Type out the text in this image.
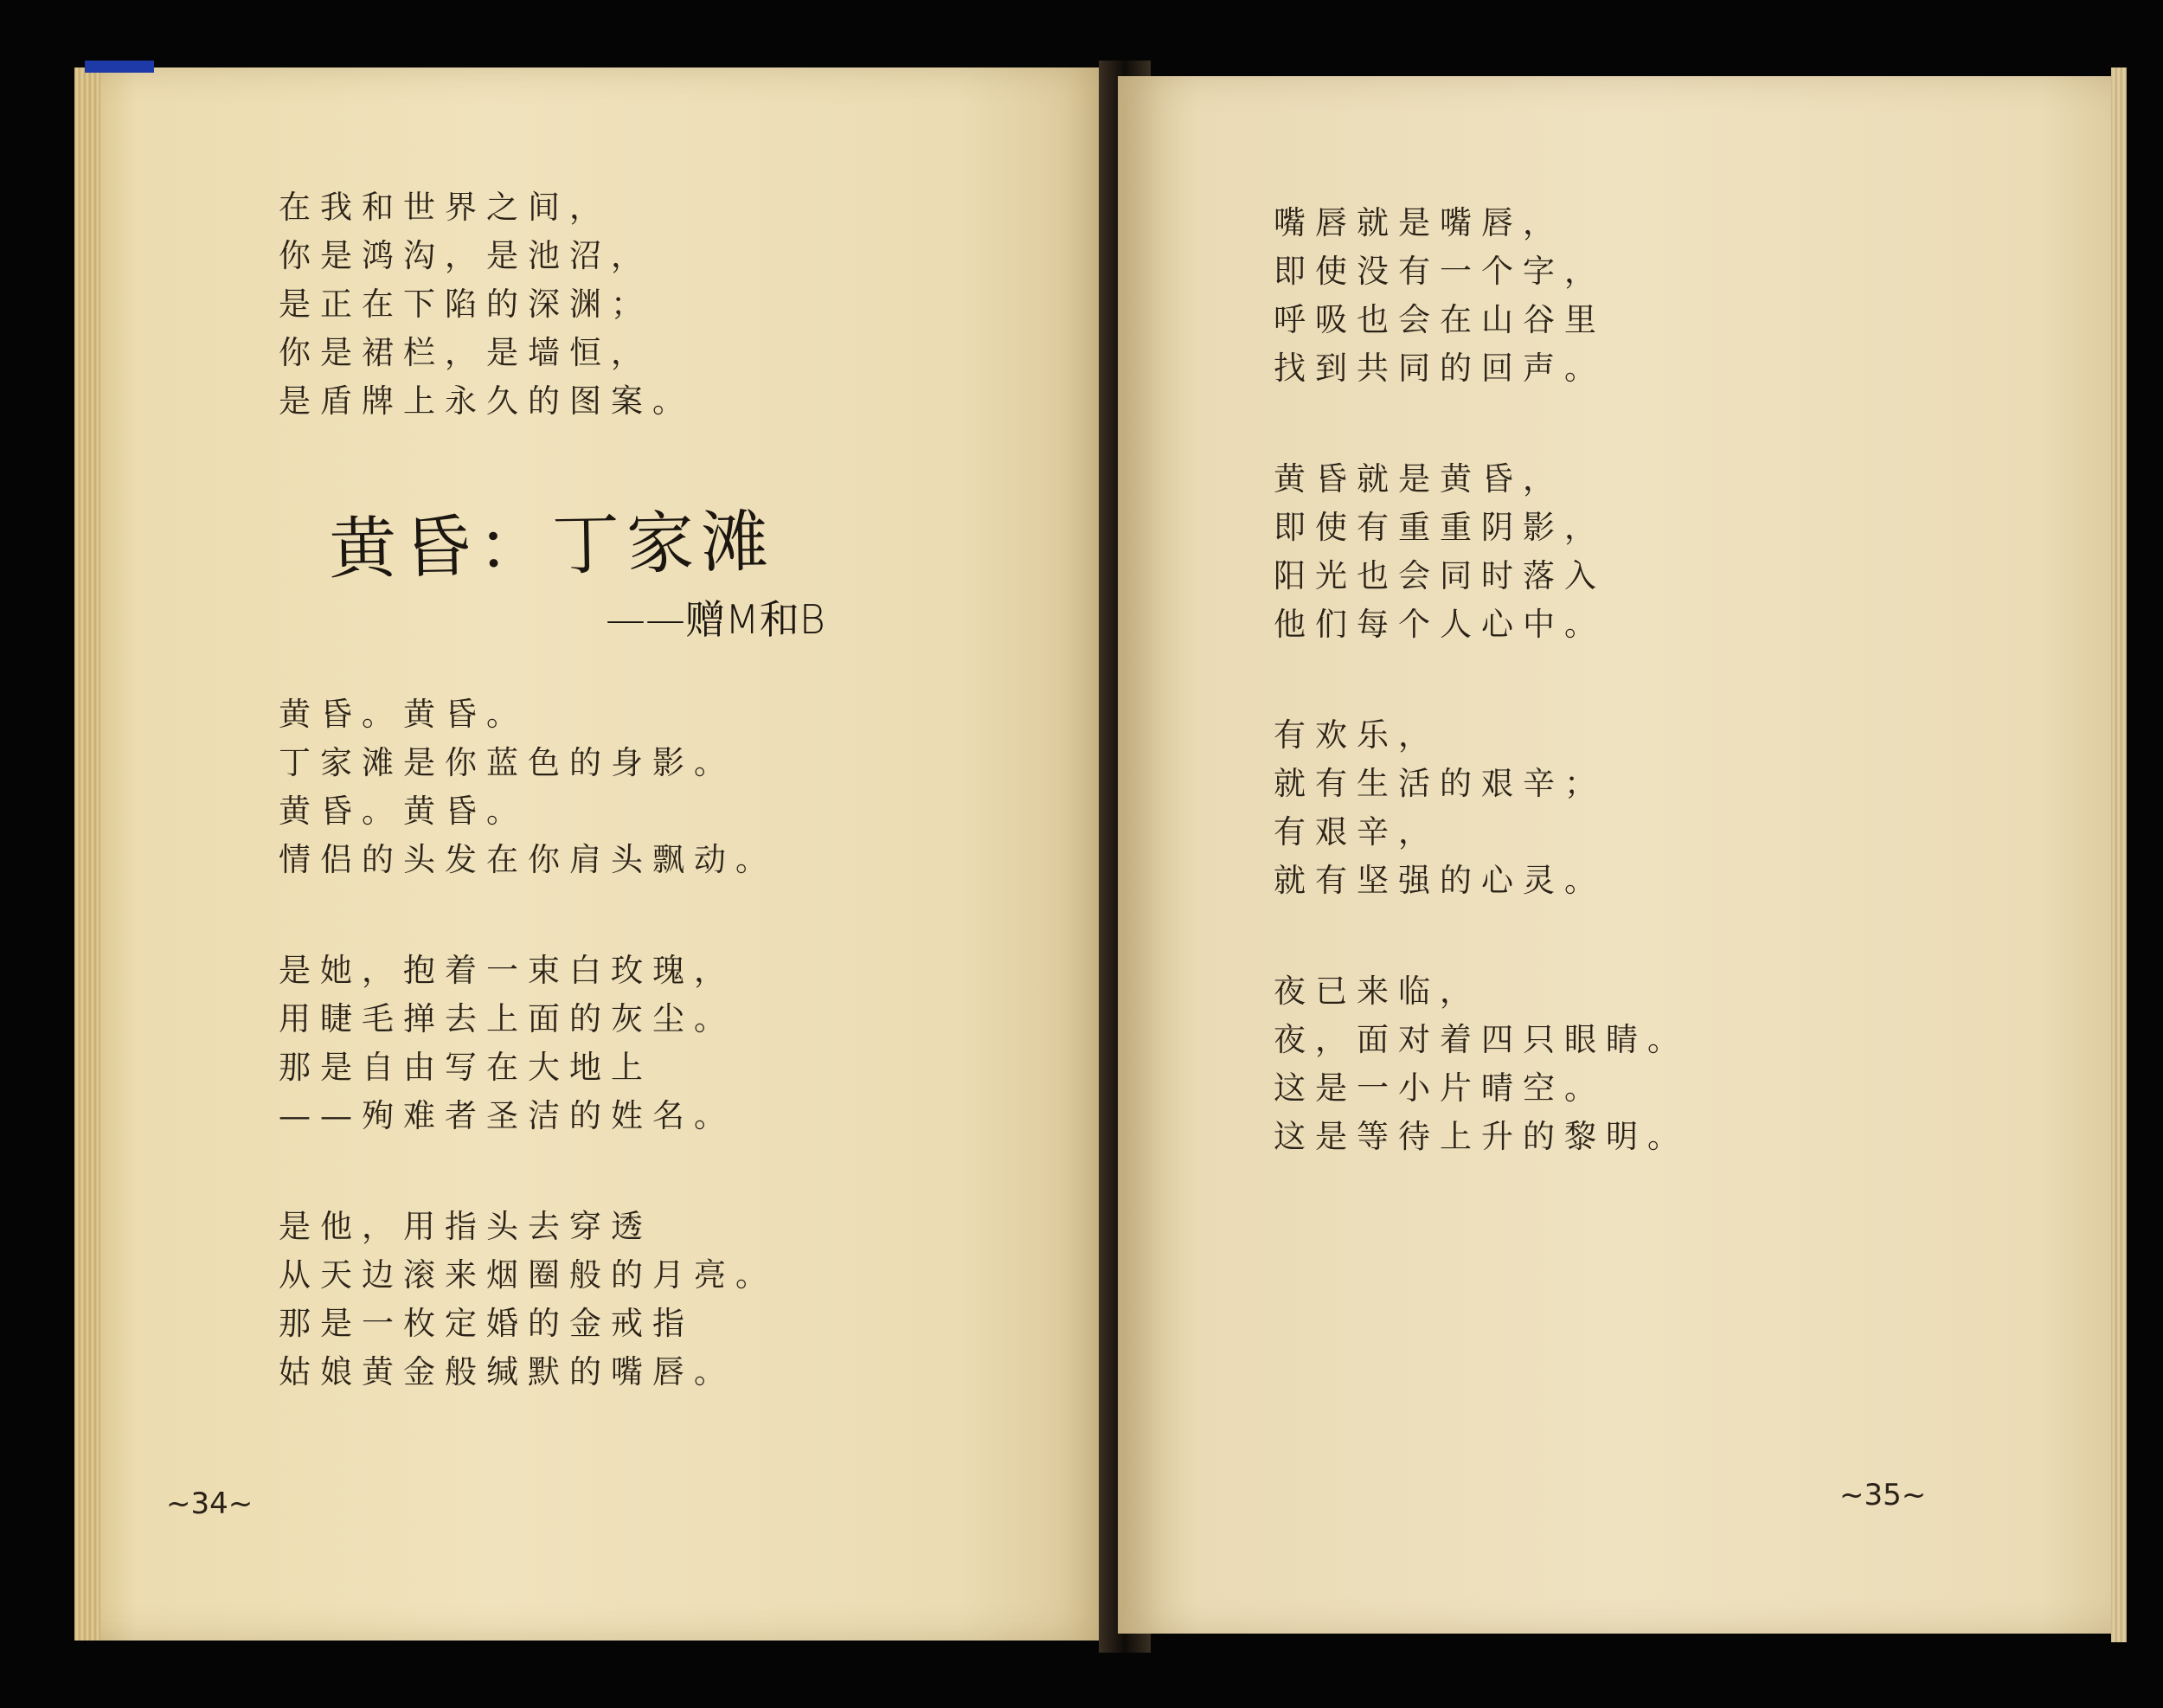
在我和世界之间，
你是鸿沟，是池沼，
是正在下陷的深渊；
你是裙栏，是墙恒，
是盾牌上永久的图案。
黄昏。黄昏。
丁家滩是你蓝色的身影。
黄昏。黄昏。
情侣的头发在你肩头飘动。
是她，抱着一束白玫瑰，
用睫毛掸去上面的灰尘。
那是自由写在大地上
——殉难者圣洁的姓名。
是他，用指头去穿透
从天边滚来烟圈般的月亮。
那是一枚定婚的金戒指
姑娘黄金般缄默的嘴唇。
~34~
黄昏：丁家滩
——赠M和B
嘴唇就是嘴唇，
即使没有一个字，
呼吸也会在山谷里
找到共同的回声。
黄昏就是黄昏，
即使有重重阴影，
阳光也会同时落入
他们每个人心中。
有欢乐，
就有生活的艰辛；
有艰辛，
就有坚强的心灵。
夜已来临，
夜，面对着四只眼睛。
这是一小片晴空。
这是等待上升的黎明。
~35~
